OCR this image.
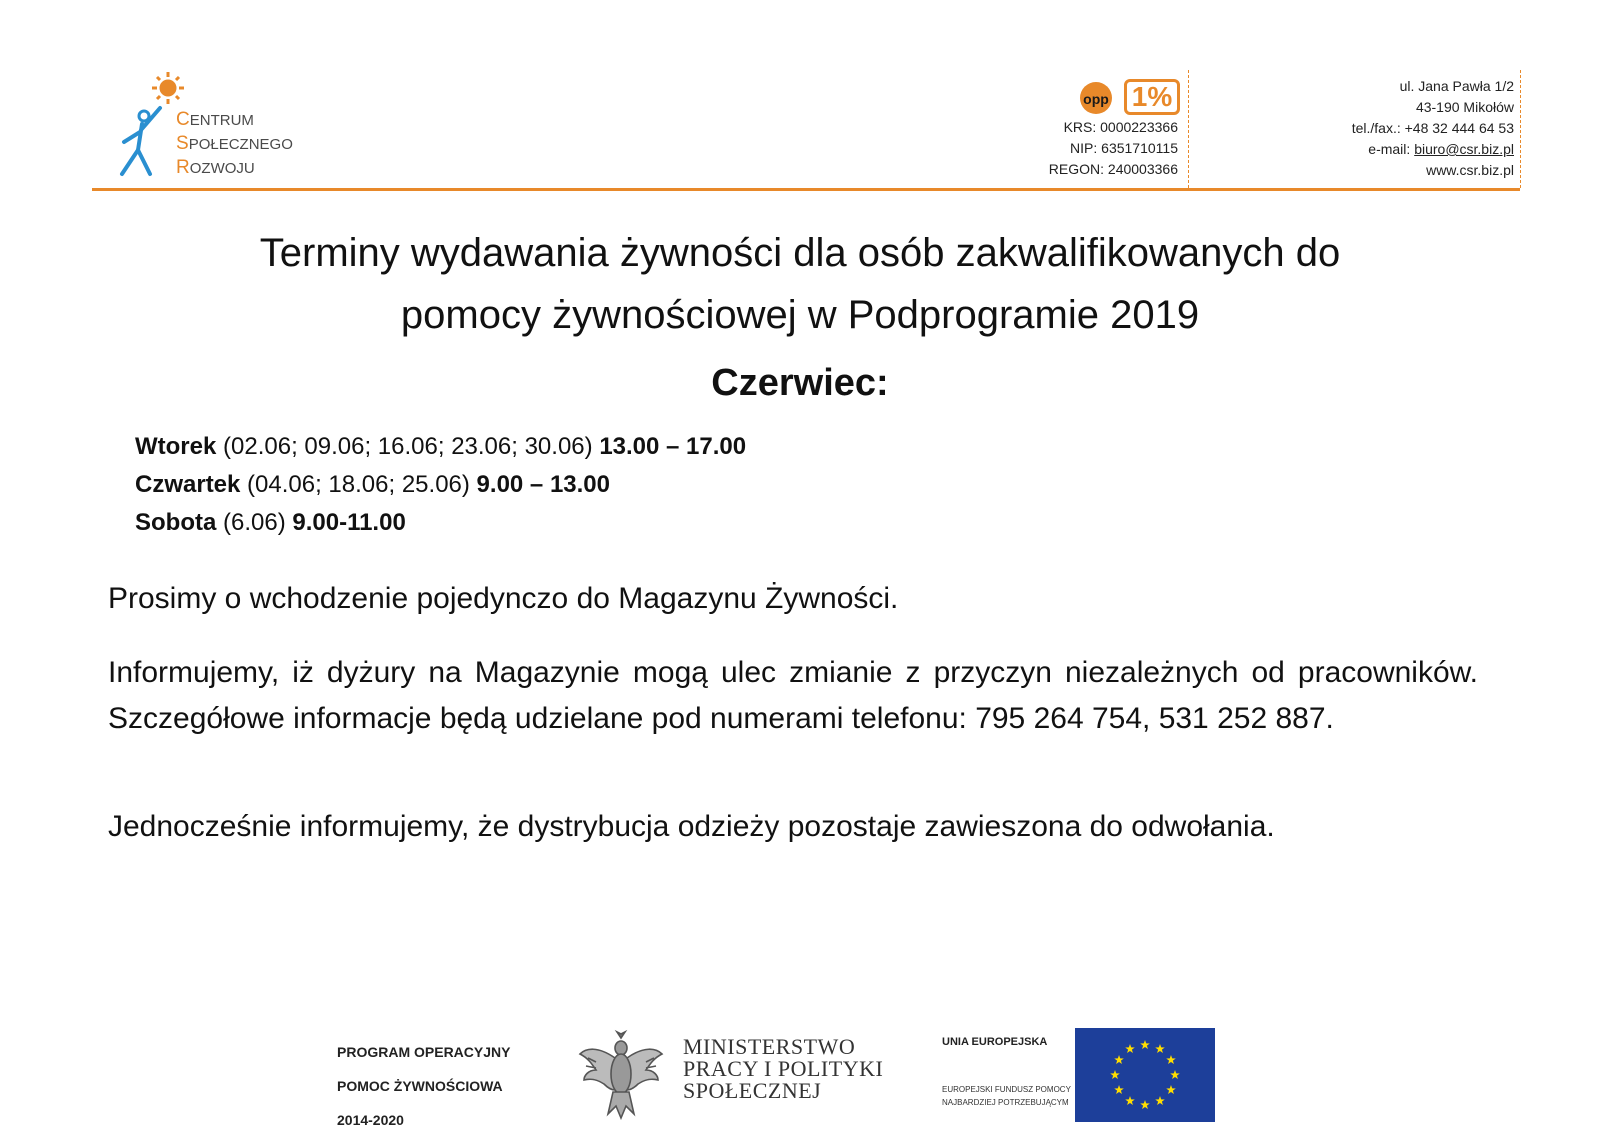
CENTRUM
SPOŁECZNEGO
ROZWOJU
opp 1%
KRS: 0000223366
NIP: 6351710115
REGON: 240003366
ul. Jana Pawła 1/2
43-190 Mikołów
tel./fax.: +48 32 444 64 53
e-mail: biuro@csr.biz.pl
www.csr.biz.pl
Terminy wydawania żywności dla osób zakwalifikowanych do
pomocy żywnościowej w Podprogramie 2019
Czerwiec:
Wtorek (02.06; 09.06; 16.06; 23.06; 30.06) 13.00 – 17.00
Czwartek (04.06; 18.06; 25.06) 9.00 – 13.00
Sobota (6.06) 9.00-11.00
Prosimy o wchodzenie pojedynczo do Magazynu Żywności.
Informujemy, iż dyżury na Magazynie mogą ulec zmianie z przyczyn niezależnych od pracowników. Szczegółowe informacje będą udzielane pod numerami telefonu: 795 264 754, 531 252 887.
Jednocześnie informujemy, że dystrybucja odzieży pozostaje zawieszona do odwołania.
PROGRAM OPERACYJNY
POMOC ŻYWNOŚCIOWA
2014-2020
MINISTERSTWO
PRACY I POLITYKI
SPOŁECZNEJ
UNIA EUROPEJSKA
EUROPEJSKI FUNDUSZ POMOCY
NAJBARDZIEJ POTRZEBUJĄCYM
